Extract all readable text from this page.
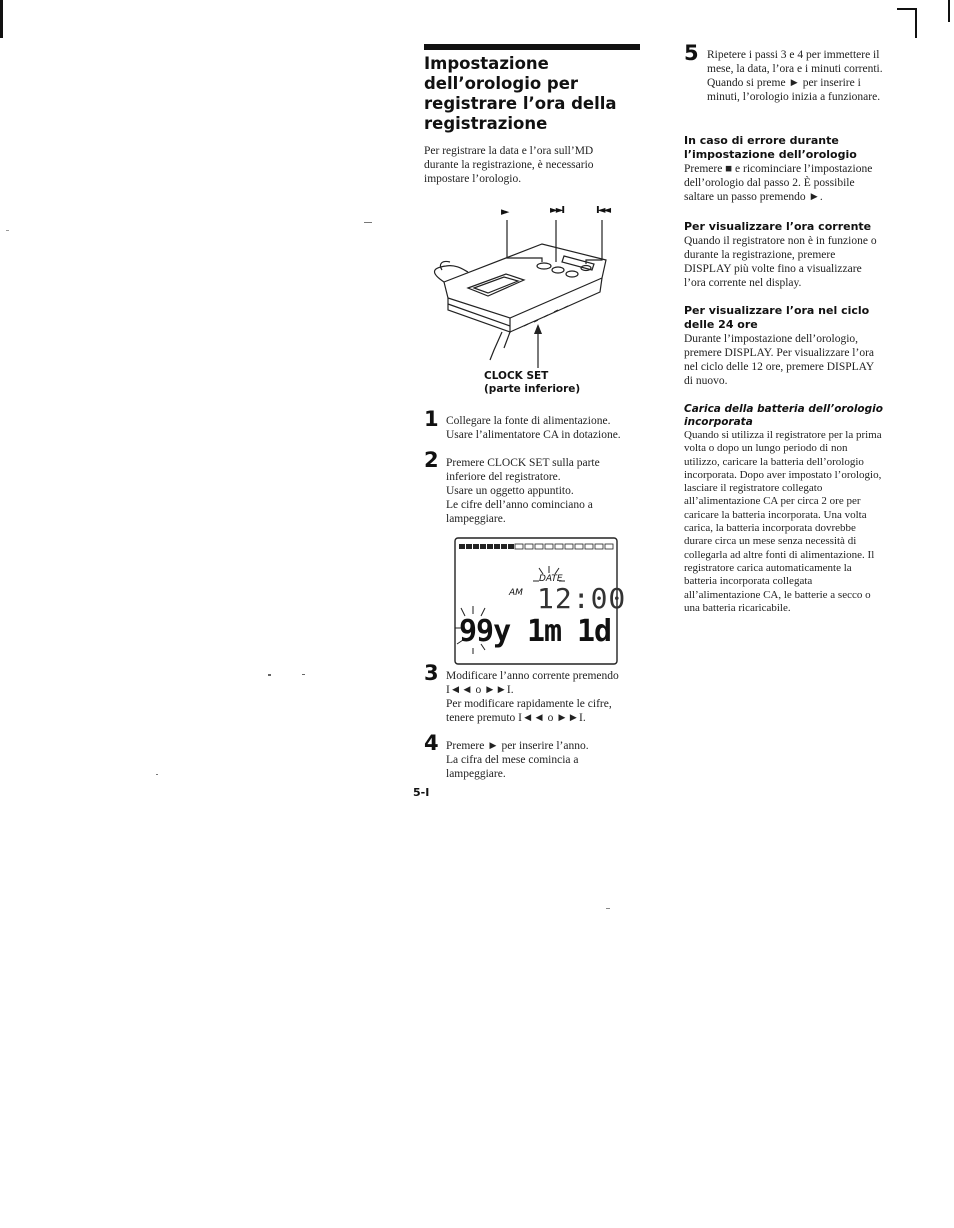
Impostazione
dell’orologio per
registrare l’ora della
registrazione
Per registrare la data e l’ora sull’MD
durante la registrazione, è necessario
impostare l’orologio.
►	►►I	I◄◄
CLOCK SET
(parte inferiore)
1 Collegare la fonte di alimentazione.
Usare l’alimentatore CA in dotazione.
2 Premere CLOCK SET sulla parte
inferiore del registratore.
Usare un oggetto appuntito.
Le cifre dell’anno cominciano a
lampeggiare.
DATE
AM 12:00
99y 1m 1d
3 Modificare l’anno corrente premendo
I◄◄ o ►►I.
Per modificare rapidamente le cifre,
tenere premuto I◄◄ o ►►I.
4 Premere ► per inserire l’anno.
La cifra del mese comincia a
lampeggiare.
5-I
5 Ripetere i passi 3 e 4 per immettere il
mese, la data, l’ora e i minuti correnti.
Quando si preme ► per inserire i
minuti, l’orologio inizia a funzionare.
In caso di errore durante
l’impostazione dell’orologio
Premere ■ e ricominciare l’impostazione
dell’orologio dal passo 2. È possibile
saltare un passo premendo ►.
Per visualizzare l’ora corrente
Quando il registratore non è in funzione o
durante la registrazione, premere
DISPLAY più volte fino a visualizzare
l’ora corrente nel display.
Per visualizzare l’ora nel ciclo
delle 24 ore
Durante l’impostazione dell’orologio,
premere DISPLAY. Per visualizzare l’ora
nel ciclo delle 12 ore, premere DISPLAY
di nuovo.
Carica della batteria dell’orologio
incorporata
Quando si utilizza il registratore per la prima
volta o dopo un lungo periodo di non
utilizzo, caricare la batteria dell’orologio
incorporata. Dopo aver impostato l’orologio,
lasciare il registratore collegato
all’alimentazione CA per circa 2 ore per
caricare la batteria incorporata. Una volta
carica, la batteria incorporata dovrebbe
durare circa un mese senza necessità di
collegarla ad altre fonti di alimentazione. Il
registratore carica automaticamente la
batteria incorporata collegata
all’alimentazione CA, le batterie a secco o
una batteria ricaricabile.
